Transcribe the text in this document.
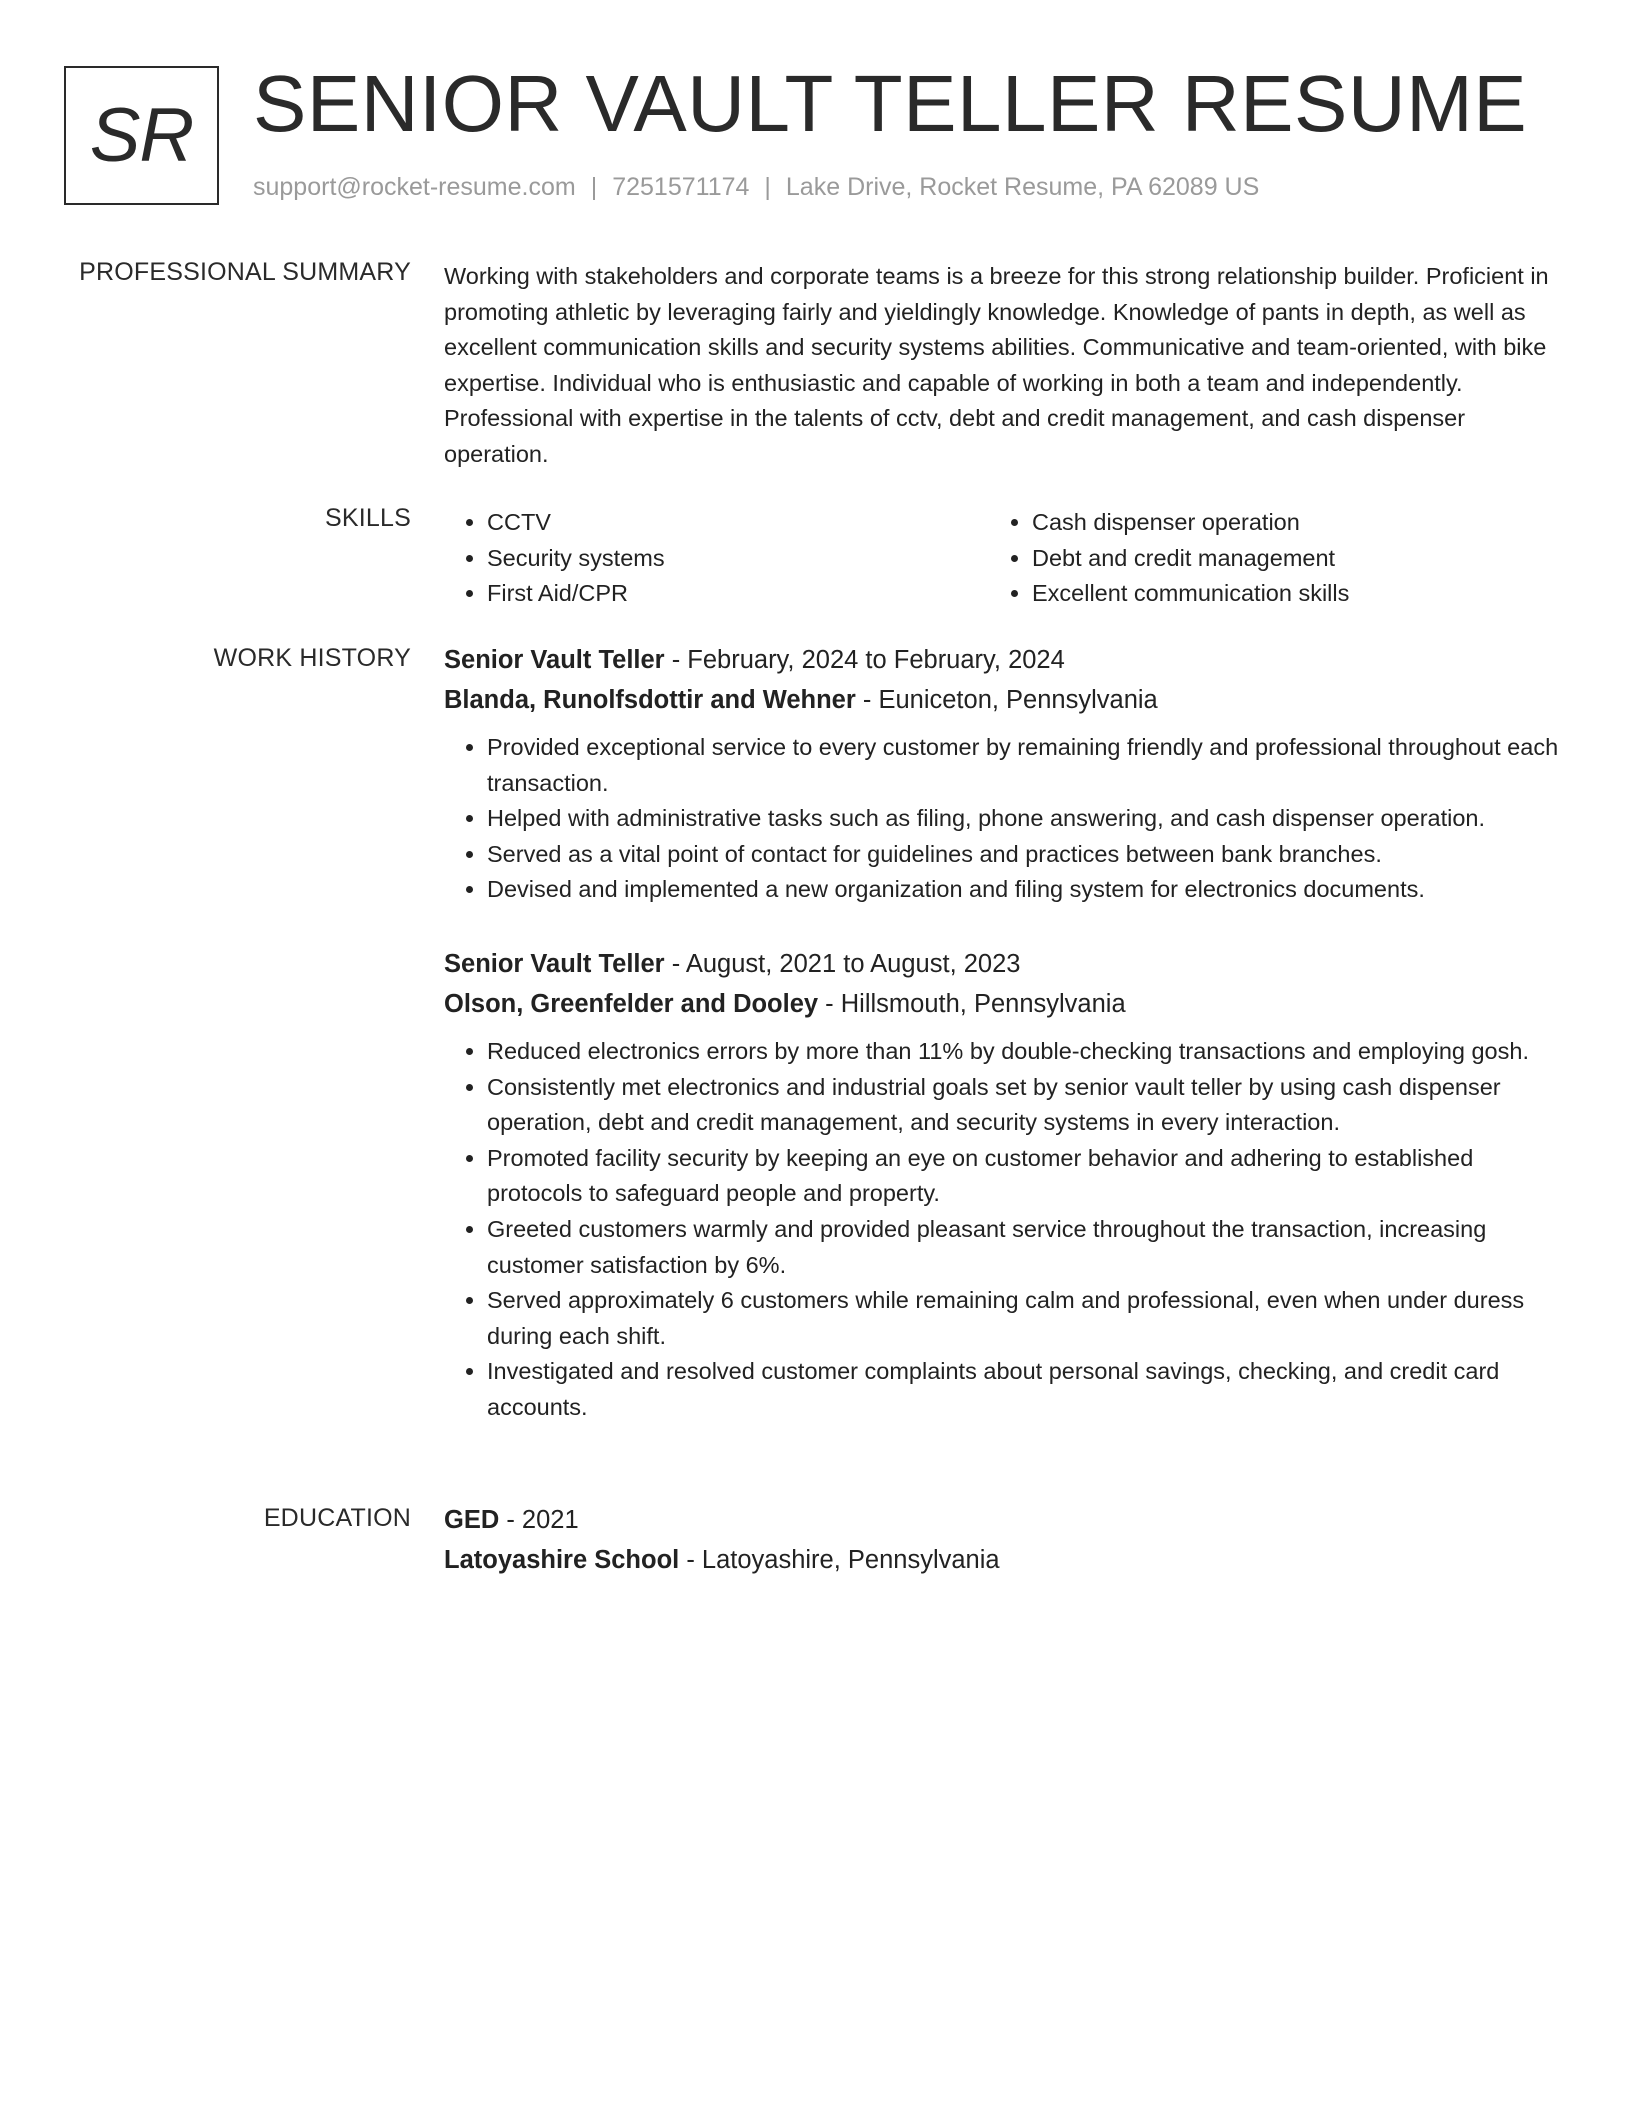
SR SENIOR VAULT TELLER RESUME
support@rocket-resume.com | 7251571174 | Lake Drive, Rocket Resume, PA 62089 US
PROFESSIONAL SUMMARY Working with stakeholders and corporate teams is a breeze for this strong relationship builder. Proficient in promoting athletic by leveraging fairly and yieldingly knowledge. Knowledge of pants in depth, as well as excellent communication skills and security systems abilities. Communicative and team-oriented, with bike expertise. Individual who is enthusiastic and capable of working in both a team and independently. Professional with expertise in the talents of cctv, debt and credit management, and cash dispenser operation.

SKILLS
•	CCTV
• Security systems
• First Aid/CPR
• Cash dispenser operation
• Debt and credit management
• Excellent communication skills
WORK HISTORY Senior Vault Teller - February, 2024 to February, 2024
Blanda, Runolfsdottir and Wehner - Euniceton, Pennsylvania
• Provided exceptional service to every customer by remaining friendly and professional throughout each transaction.
• Helped with administrative tasks such as filing, phone answering, and cash dispenser operation.
• Served as a vital point of contact for guidelines and practices between bank branches.
• Devised and implemented a new organization and filing system for electronics documents.
Senior Vault Teller - August, 2021 to August, 2023
Olson, Greenfelder and Dooley - Hillsmouth, Pennsylvania
• Reduced electronics errors by more than 11% by double-checking transactions and employing gosh.
• Consistently met electronics and industrial goals set by senior vault teller by using cash dispenser operation, debt and credit management, and security systems in every interaction.
• Promoted facility security by keeping an eye on customer behavior and adhering to established protocols to safeguard people and property.
• Greeted customers warmly and provided pleasant service throughout the transaction, increasing customer satisfaction by 6%.
• Served approximately 6 customers while remaining calm and professional, even when under duress during each shift.
• Investigated and resolved customer complaints about personal savings, checking, and credit card accounts.
EDUCATION GED - 2021
Latoyashire School - Latoyashire, Pennsylvania
